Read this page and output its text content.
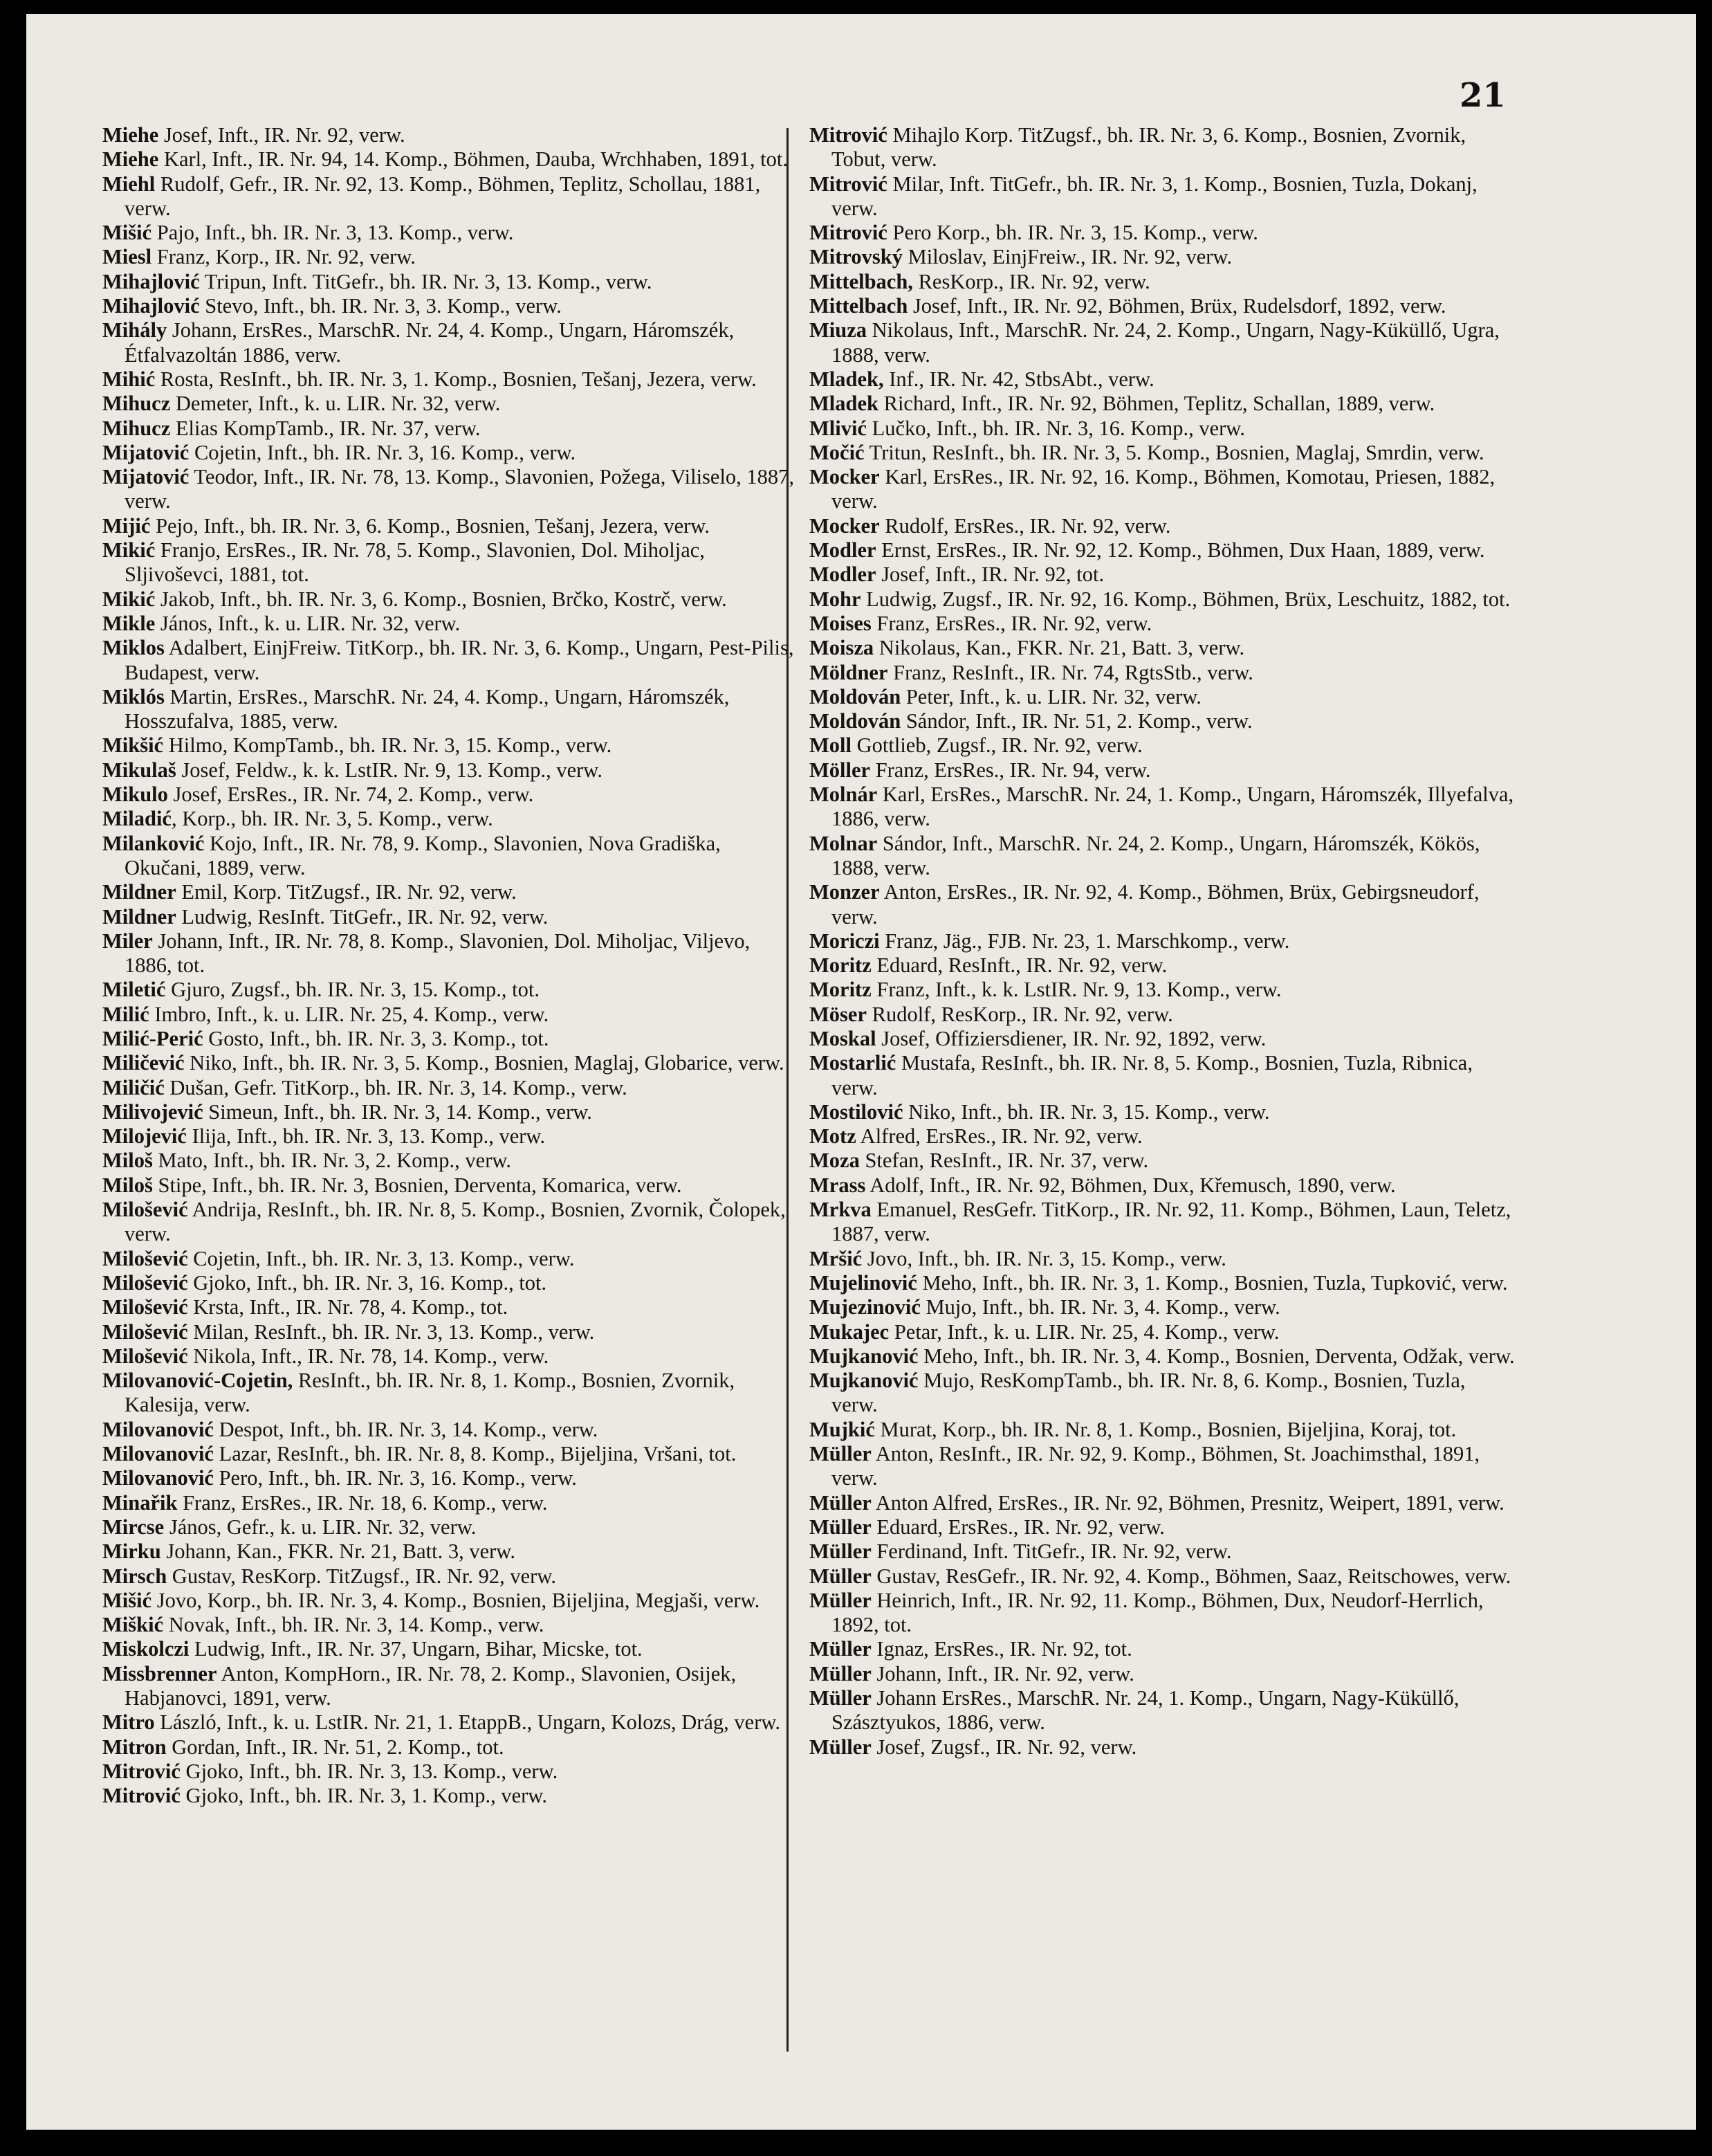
21

Miehe Josef, Inft., IR. Nr. 92, verw.

Miehe Karl, Inft., IR. Nr. 94, 14. Komp., Böhmen, Dauba, Wrchhaben, 1891, tot.

Miehl Rudolf, Gefr., IR. Nr. 92, 13. Komp., Böhmen, Teplitz, Schollau, 1881, verw.

Mišić Pajo, Inft., bh. IR. Nr. 3, 13. Komp., verw.

Miesl Franz, Korp., IR. Nr. 92, verw.

Mihajlović Tripun, Inft. TitGefr., bh. IR. Nr. 3, 13. Komp., verw.

Mihajlović Stevo, Inft., bh. IR. Nr. 3, 3. Komp., verw.

Mihály Johann, ErsRes., MarschR. Nr. 24, 4. Komp., Ungarn, Háromszék, Étfalvazoltán 1886, verw.

Mihić Rosta, ResInft., bh. IR. Nr. 3, 1. Komp., Bosnien, Tešanj, Jezera, verw.

Mihucz Demeter, Inft., k. u. LIR. Nr. 32, verw.

Mihucz Elias KompTamb., IR. Nr. 37, verw.

Mijatović Cojetin, Inft., bh. IR. Nr. 3, 16. Komp., verw.

Mijatović Teodor, Inft., IR. Nr. 78, 13. Komp., Slavonien, Požega, Viliselo, 1887, verw.

Mijić Pejo, Inft., bh. IR. Nr. 3, 6. Komp., Bosnien, Tešanj, Jezera, verw.

Mikić Franjo, ErsRes., IR. Nr. 78, 5. Komp., Slavonien, Dol. Miholjac, Sljivoševci, 1881, tot.

Mikić Jakob, Inft., bh. IR. Nr. 3, 6. Komp., Bosnien, Brčko, Kostrč, verw.

Mikle János, Inft., k. u. LIR. Nr. 32, verw.

Miklos Adalbert, EinjFreiw. TitKorp., bh. IR. Nr. 3, 6. Komp., Ungarn, Pest-Pilis, Budapest, verw.

Miklós Martin, ErsRes., MarschR. Nr. 24, 4. Komp., Ungarn, Háromszék, Hosszufalva, 1885, verw.

Mikšić Hilmo, KompTamb., bh. IR. Nr. 3, 15. Komp., verw.

Mikulaš Josef, Feldw., k. k. LstIR. Nr. 9, 13. Komp., verw.

Mikulo Josef, ErsRes., IR. Nr. 74, 2. Komp., verw.

Miladić, Korp., bh. IR. Nr. 3, 5. Komp., verw.

Milanković Kojo, Inft., IR. Nr. 78, 9. Komp., Slavonien, Nova Gradiška, Okučani, 1889, verw.

Mildner Emil, Korp. TitZugsf., IR. Nr. 92, verw.

Mildner Ludwig, ResInft. TitGefr., IR. Nr. 92, verw.

Miler Johann, Inft., IR. Nr. 78, 8. Komp., Slavonien, Dol. Miholjac, Viljevo, 1886, tot.

Miletić Gjuro, Zugsf., bh. IR. Nr. 3, 15. Komp., tot.

Milić Imbro, Inft., k. u. LIR. Nr. 25, 4. Komp., verw.

Milić-Perić Gosto, Inft., bh. IR. Nr. 3, 3. Komp., tot.

Miličević Niko, Inft., bh. IR. Nr. 3, 5. Komp., Bosnien, Maglaj, Globarice, verw.

Miličić Dušan, Gefr. TitKorp., bh. IR. Nr. 3, 14. Komp., verw.

Milivojević Simeun, Inft., bh. IR. Nr. 3, 14. Komp., verw.

Milojević Ilija, Inft., bh. IR. Nr. 3, 13. Komp., verw.

Miloš Mato, Inft., bh. IR. Nr. 3, 2. Komp., verw.

Miloš Stipe, Inft., bh. IR. Nr. 3, Bosnien, Derventa, Komarica, verw.

Milošević Andrija, ResInft., bh. IR. Nr. 8, 5. Komp., Bosnien, Zvornik, Čolopek, verw.

Milošević Cojetin, Inft., bh. IR. Nr. 3, 13. Komp., verw.

Milošević Gjoko, Inft., bh. IR. Nr. 3, 16. Komp., tot.

Milošević Krsta, Inft., IR. Nr. 78, 4. Komp., tot.

Milošević Milan, ResInft., bh. IR. Nr. 3, 13. Komp., verw.

Milošević Nikola, Inft., IR. Nr. 78, 14. Komp., verw.

Milovanović-Cojetin, ResInft., bh. IR. Nr. 8, 1. Komp., Bosnien, Zvornik, Kalesija, verw.

Milovanović Despot, Inft., bh. IR. Nr. 3, 14. Komp., verw.

Milovanović Lazar, ResInft., bh. IR. Nr. 8, 8. Komp., Bijeljina, Vršani, tot.

Milovanović Pero, Inft., bh. IR. Nr. 3, 16. Komp., verw.

Minařik Franz, ErsRes., IR. Nr. 18, 6. Komp., verw.

Mircse János, Gefr., k. u. LIR. Nr. 32, verw.

Mirku Johann, Kan., FKR. Nr. 21, Batt. 3, verw.

Mirsch Gustav, ResKorp. TitZugsf., IR. Nr. 92, verw.

Mišić Jovo, Korp., bh. IR. Nr. 3, 4. Komp., Bosnien, Bijeljina, Megjaši, verw.

Miškić Novak, Inft., bh. IR. Nr. 3, 14. Komp., verw.

Miskolczi Ludwig, Inft., IR. Nr. 37, Ungarn, Bihar, Micske, tot.

Missbrenner Anton, KompHorn., IR. Nr. 78, 2. Komp., Slavonien, Osijek, Habjanovci, 1891, verw.

Mitro László, Inft., k. u. LstIR. Nr. 21, 1. EtappB., Ungarn, Kolozs, Drág, verw.

Mitron Gordan, Inft., IR. Nr. 51, 2. Komp., tot.

Mitrović Gjoko, Inft., bh. IR. Nr. 3, 13. Komp., verw.

Mitrović Gjoko, Inft., bh. IR. Nr. 3, 1. Komp., verw.

Mitrović Mihajlo Korp. TitZugsf., bh. IR. Nr. 3, 6. Komp., Bosnien, Zvornik, Tobut, verw.

Mitrović Milar, Inft. TitGefr., bh. IR. Nr. 3, 1. Komp., Bosnien, Tuzla, Dokanj, verw.

Mitrović Pero Korp., bh. IR. Nr. 3, 15. Komp., verw.

Mitrovský Miloslav, EinjFreiw., IR. Nr. 92, verw.

Mittelbach, ResKorp., IR. Nr. 92, verw.

Mittelbach Josef, Inft., IR. Nr. 92, Böhmen, Brüx, Rudelsdorf, 1892, verw.

Miuza Nikolaus, Inft., MarschR. Nr. 24, 2. Komp., Ungarn, Nagy-Küküllő, Ugra, 1888, verw.

Mladek, Inf., IR. Nr. 42, StbsAbt., verw.

Mladek Richard, Inft., IR. Nr. 92, Böhmen, Teplitz, Schallan, 1889, verw.

Mlivić Lučko, Inft., bh. IR. Nr. 3, 16. Komp., verw.

Močić Tritun, ResInft., bh. IR. Nr. 3, 5. Komp., Bosnien, Maglaj, Smrdin, verw.

Mocker Karl, ErsRes., IR. Nr. 92, 16. Komp., Böhmen, Komotau, Priesen, 1882, verw.

Mocker Rudolf, ErsRes., IR. Nr. 92, verw.

Modler Ernst, ErsRes., IR. Nr. 92, 12. Komp., Böhmen, Dux Haan, 1889, verw.

Modler Josef, Inft., IR. Nr. 92, tot.

Mohr Ludwig, Zugsf., IR. Nr. 92, 16. Komp., Böhmen, Brüx, Leschuitz, 1882, tot.

Moises Franz, ErsRes., IR. Nr. 92, verw.

Moisza Nikolaus, Kan., FKR. Nr. 21, Batt. 3, verw.

Möldner Franz, ResInft., IR. Nr. 74, RgtsStb., verw.

Moldován Peter, Inft., k. u. LIR. Nr. 32, verw.

Moldován Sándor, Inft., IR. Nr. 51, 2. Komp., verw.

Moll Gottlieb, Zugsf., IR. Nr. 92, verw.

Möller Franz, ErsRes., IR. Nr. 94, verw.

Molnár Karl, ErsRes., MarschR. Nr. 24, 1. Komp., Ungarn, Háromszék, Illyefalva, 1886, verw.

Molnar Sándor, Inft., MarschR. Nr. 24, 2. Komp., Ungarn, Háromszék, Kökös, 1888, verw.

Monzer Anton, ErsRes., IR. Nr. 92, 4. Komp., Böhmen, Brüx, Gebirgsneudorf, verw.

Moriczi Franz, Jäg., FJB. Nr. 23, 1. Marschkomp., verw.

Moritz Eduard, ResInft., IR. Nr. 92, verw.

Moritz Franz, Inft., k. k. LstIR. Nr. 9, 13. Komp., verw.

Möser Rudolf, ResKorp., IR. Nr. 92, verw.

Moskal Josef, Offiziersdiener, IR. Nr. 92, 1892, verw.

Mostarlić Mustafa, ResInft., bh. IR. Nr. 8, 5. Komp., Bosnien, Tuzla, Ribnica, verw.

Mostilović Niko, Inft., bh. IR. Nr. 3, 15. Komp., verw.

Motz Alfred, ErsRes., IR. Nr. 92, verw.

Moza Stefan, ResInft., IR. Nr. 37, verw.

Mrass Adolf, Inft., IR. Nr. 92, Böhmen, Dux, Křemusch, 1890, verw.

Mrkva Emanuel, ResGefr. TitKorp., IR. Nr. 92, 11. Komp., Böhmen, Laun, Teletz, 1887, verw.

Mršić Jovo, Inft., bh. IR. Nr. 3, 15. Komp., verw.

Mujelinović Meho, Inft., bh. IR. Nr. 3, 1. Komp., Bosnien, Tuzla, Tupković, verw.

Mujezinović Mujo, Inft., bh. IR. Nr. 3, 4. Komp., verw.

Mukajec Petar, Inft., k. u. LIR. Nr. 25, 4. Komp., verw.

Mujkanović Meho, Inft., bh. IR. Nr. 3, 4. Komp., Bosnien, Derventa, Odžak, verw.

Mujkanović Mujo, ResKompTamb., bh. IR. Nr. 8, 6. Komp., Bosnien, Tuzla, verw.

Mujkić Murat, Korp., bh. IR. Nr. 8, 1. Komp., Bosnien, Bijeljina, Koraj, tot.

Müller Anton, ResInft., IR. Nr. 92, 9. Komp., Böhmen, St. Joachimsthal, 1891, verw.

Müller Anton Alfred, ErsRes., IR. Nr. 92, Böhmen, Presnitz, Weipert, 1891, verw.

Müller Eduard, ErsRes., IR. Nr. 92, verw.

Müller Ferdinand, Inft. TitGefr., IR. Nr. 92, verw.

Müller Gustav, ResGefr., IR. Nr. 92, 4. Komp., Böhmen, Saaz, Reitschowes, verw.

Müller Heinrich, Inft., IR. Nr. 92, 11. Komp., Böhmen, Dux, Neudorf-Herrlich, 1892, tot.

Müller Ignaz, ErsRes., IR. Nr. 92, tot.

Müller Johann, Inft., IR. Nr. 92, verw.

Müller Johann ErsRes., MarschR. Nr. 24, 1. Komp., Ungarn, Nagy-Küküllő, Szásztyukos, 1886, verw.

Müller Josef, Zugsf., IR. Nr. 92, verw.
